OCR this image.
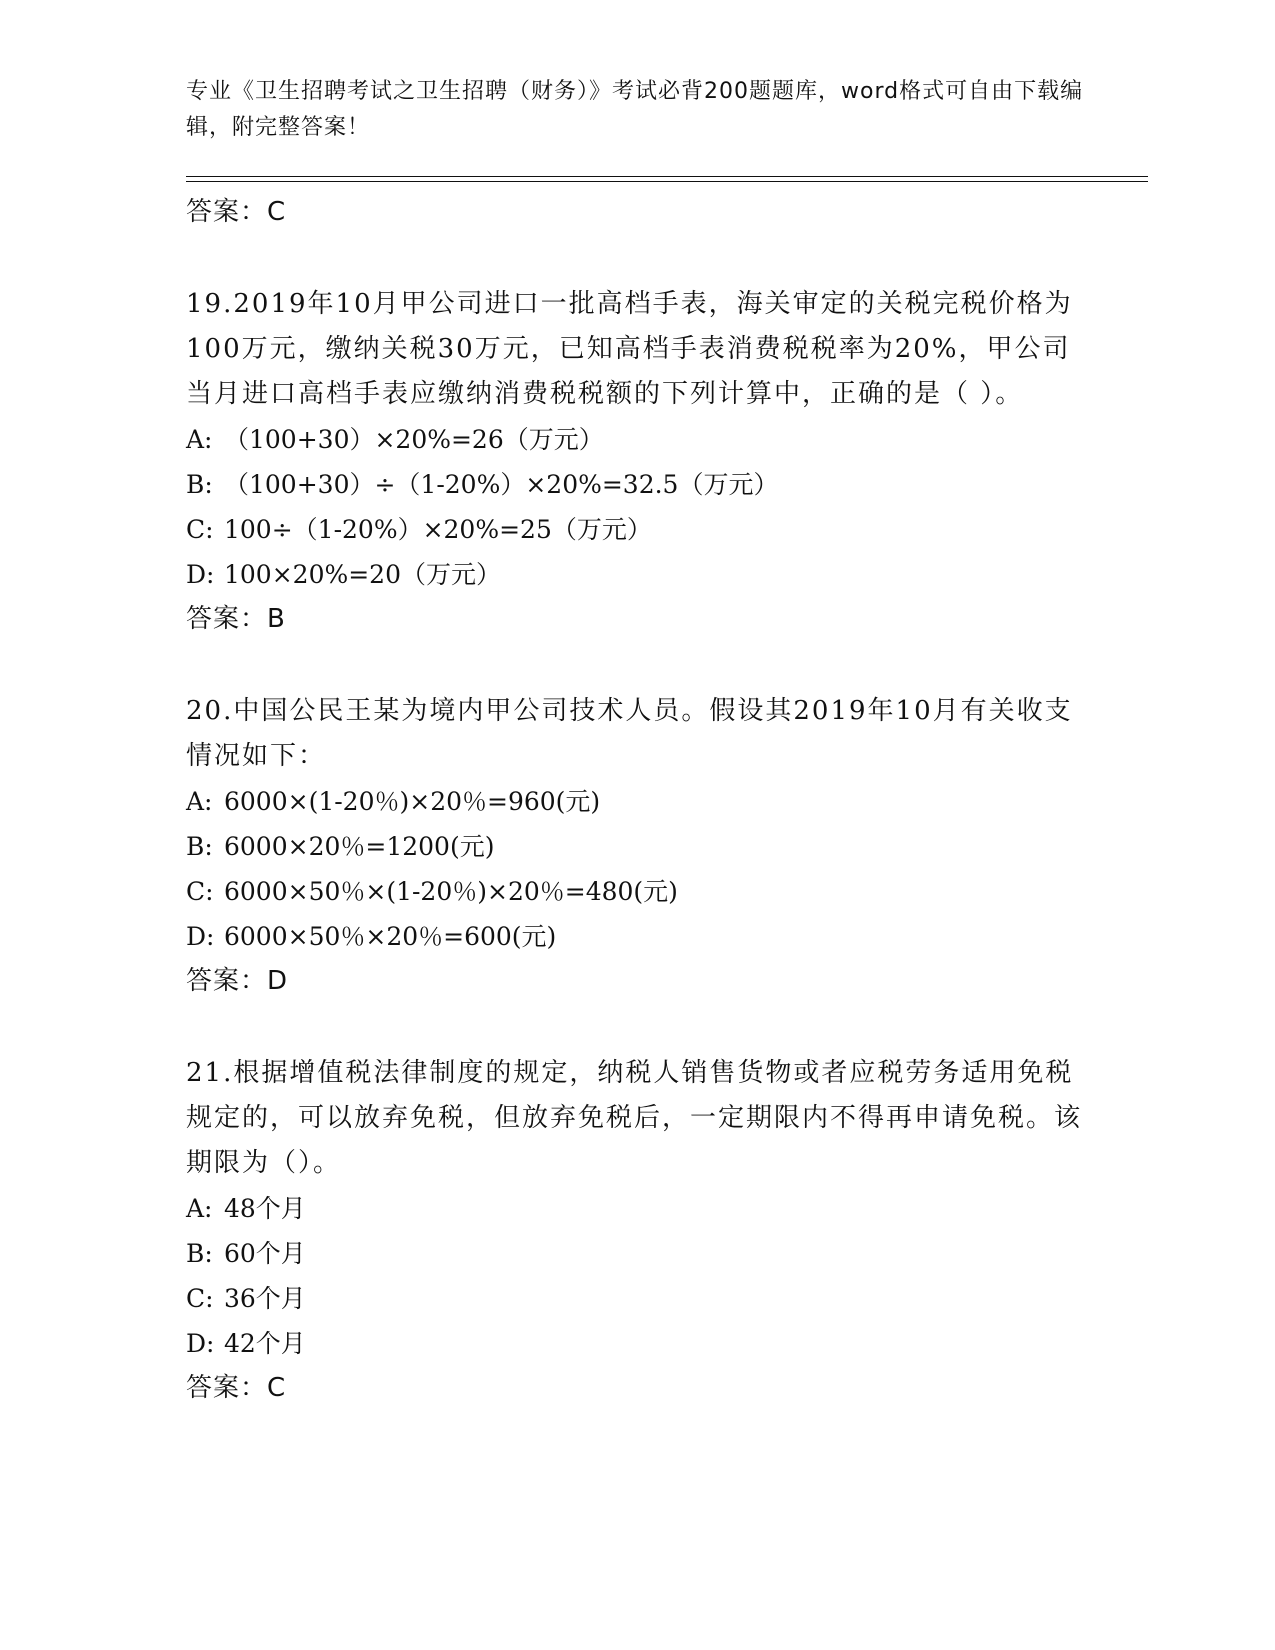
专业《卫生招聘考试之卫生招聘（财务）》考试必背200题题库，word格式可自由下载编辑，附完整答案！
答案：C
19.2019年10月甲公司进口一批高档手表，海关审定的关税完税价格为100万元，缴纳关税30万元，已知高档手表消费税税率为20%，甲公司当月进口高档手表应缴纳消费税税额的下列计算中，正确的是（ ）。
A: （100+30）×20%=26（万元）
B: （100+30）÷（1-20%）×20%=32.5（万元）
C: 100÷（1-20%）×20%=25（万元）
D: 100×20%=20（万元）
答案：B
20.中国公民王某为境内甲公司技术人员。假设其2019年10月有关收支情况如下：
A: 6000×(1-20％)×20％=960(元)
B: 6000×20％=1200(元)
C: 6000×50％×(1-20％)×20％=480(元)
D: 6000×50％×20％=600(元)
答案：D
21.根据增值税法律制度的规定，纳税人销售货物或者应税劳务适用免税规定的，可以放弃免税，但放弃免税后，一定期限内不得再申请免税。该期限为（）。
A: 48个月
B: 60个月
C: 36个月
D: 42个月
答案：C
